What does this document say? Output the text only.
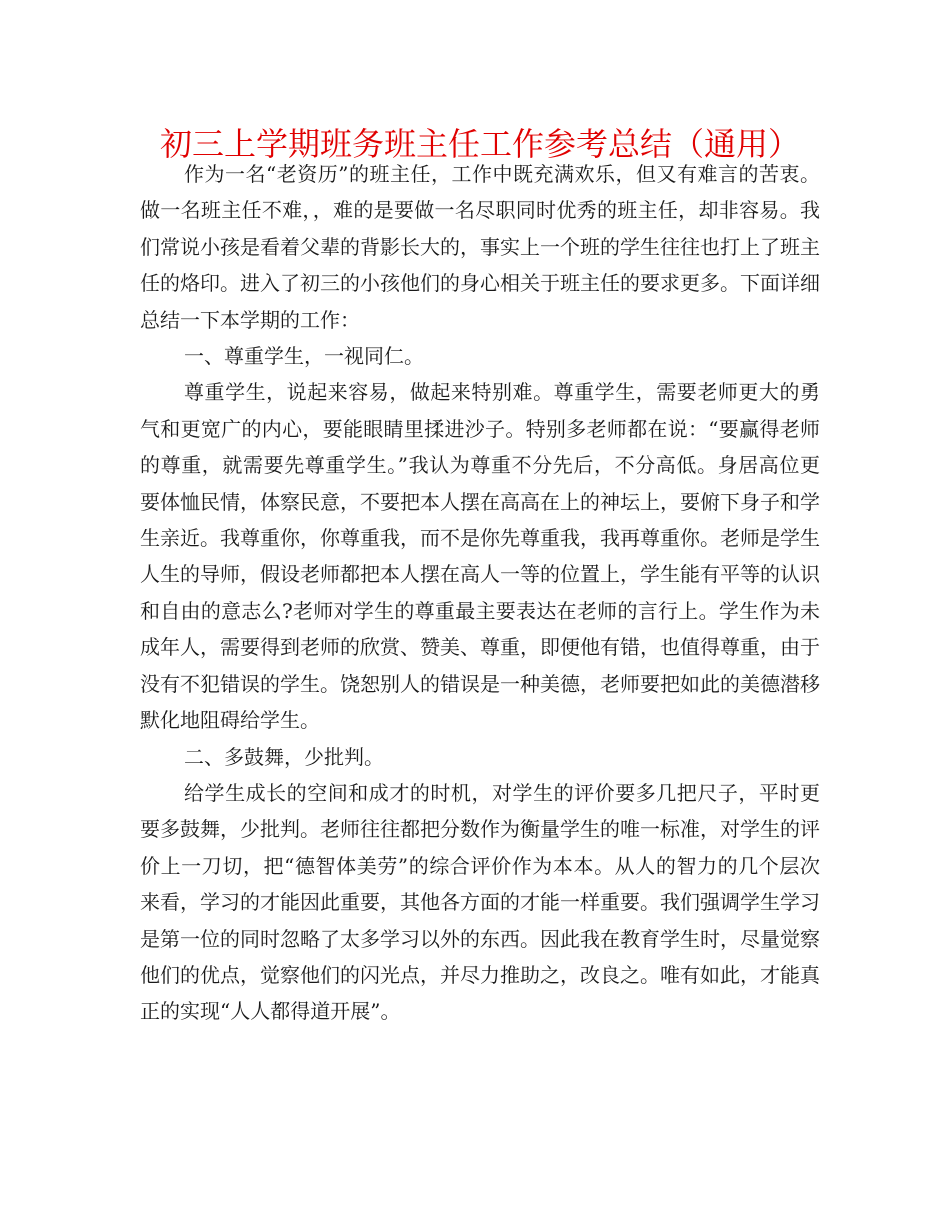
初三上学期班务班主任工作参考总结（通用）

作为一名“老资历”的班主任，工作中既充满欢乐，但又有难言的苦衷。做一名班主任不难，，难的是要做一名尽职同时优秀的班主任，却非容易。我们常说小孩是看着父辈的背影长大的，事实上一个班的学生往往也打上了班主任的烙印。进入了初三的小孩他们的身心相关于班主任的要求更多。下面详细总结一下本学期的工作：

一、尊重学生，一视同仁。

尊重学生，说起来容易，做起来特别难。尊重学生，需要老师更大的勇气和更宽广的内心，要能眼睛里揉进沙子。特别多老师都在说：“要赢得老师的尊重，就需要先尊重学生。”我认为尊重不分先后，不分高低。身居高位更要体恤民情，体察民意，不要把本人摆在高高在上的神坛上，要俯下身子和学生亲近。我尊重你，你尊重我，而不是你先尊重我，我再尊重你。老师是学生人生的导师，假设老师都把本人摆在高人一等的位置上，学生能有平等的认识和自由的意志么?老师对学生的尊重最主要表达在老师的言行上。学生作为未成年人，需要得到老师的欣赏、赞美、尊重，即便他有错，也值得尊重，由于没有不犯错误的学生。饶恕别人的错误是一种美德，老师要把如此的美德潜移默化地阻碍给学生。

二、多鼓舞，少批判。

给学生成长的空间和成才的时机，对学生的评价要多几把尺子，平时更要多鼓舞，少批判。老师往往都把分数作为衡量学生的唯一标准，对学生的评价上一刀切，把“德智体美劳”的综合评价作为本本。从人的智力的几个层次来看，学习的才能因此重要，其他各方面的才能一样重要。我们强调学生学习是第一位的同时忽略了太多学习以外的东西。因此我在教育学生时，尽量觉察他们的优点，觉察他们的闪光点，并尽力推助之，改良之。唯有如此，才能真正的实现“人人都得道开展”。
